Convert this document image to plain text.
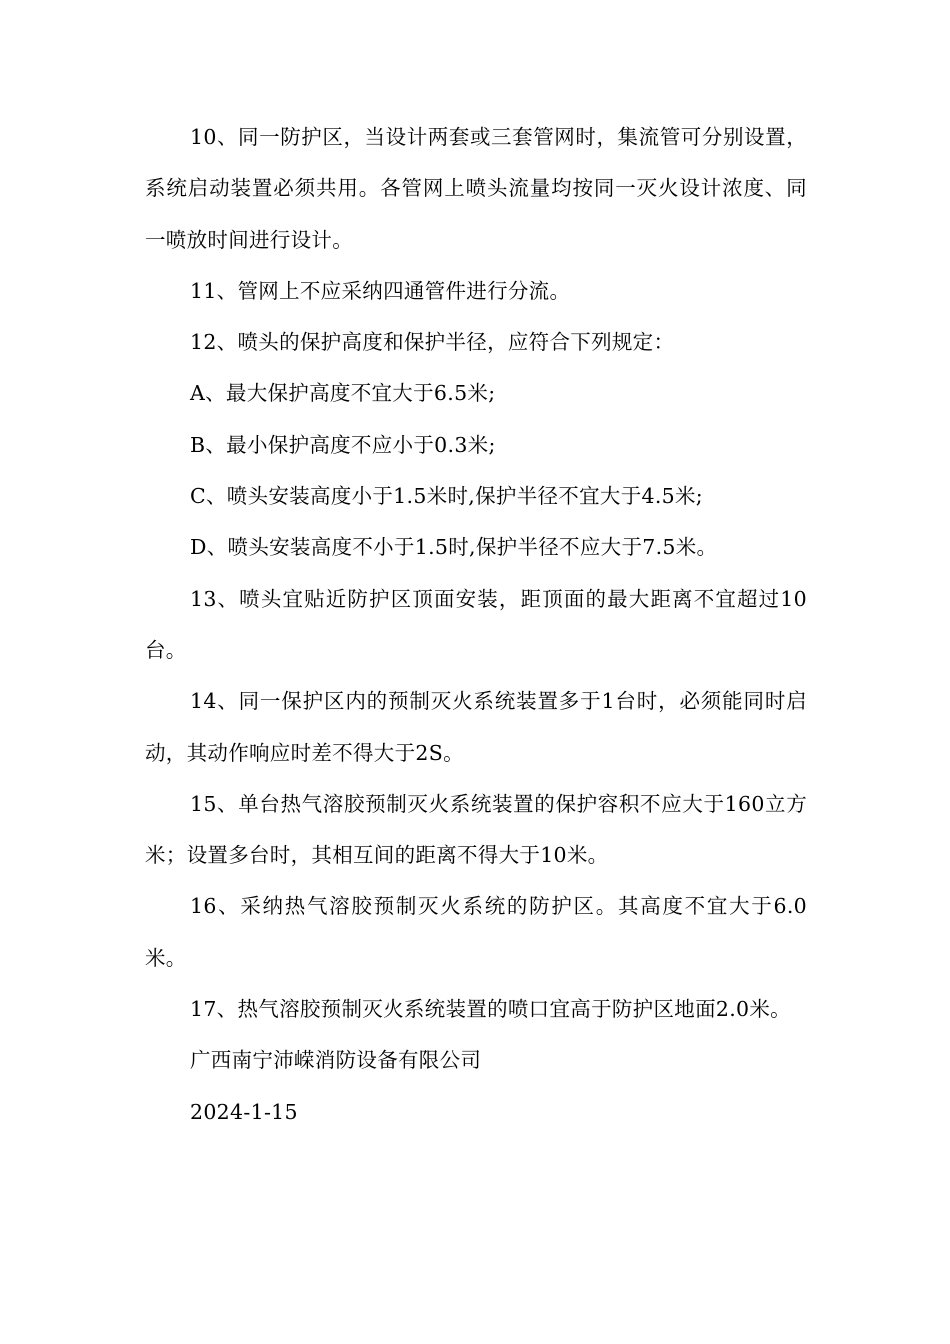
10、同一防护区，当设计两套或三套管网时，集流管可分别设置，系统启动装置必须共用。各管网上喷头流量均按同一灭火设计浓度、同一喷放时间进行设计。

11、管网上不应采纳四通管件进行分流。

12、喷头的保护高度和保护半径，应符合下列规定：

A、最大保护高度不宜大于6.5米;

B、最小保护高度不应小于0.3米;

C、喷头安装高度小于1.5米时,保护半径不宜大于4.5米;

D、喷头安装高度不小于1.5时,保护半径不应大于7.5米。

13、喷头宜贴近防护区顶面安装，距顶面的最大距离不宜超过10台。

14、同一保护区内的预制灭火系统装置多于1台时，必须能同时启动，其动作响应时差不得大于2S。

15、单台热气溶胶预制灭火系统装置的保护容积不应大于160立方米；设置多台时，其相互间的距离不得大于10米。

16、采纳热气溶胶预制灭火系统的防护区。其高度不宜大于6.0米。

17、热气溶胶预制灭火系统装置的喷口宜高于防护区地面2.0米。

广西南宁沛嵘消防设备有限公司

2024-1-15
